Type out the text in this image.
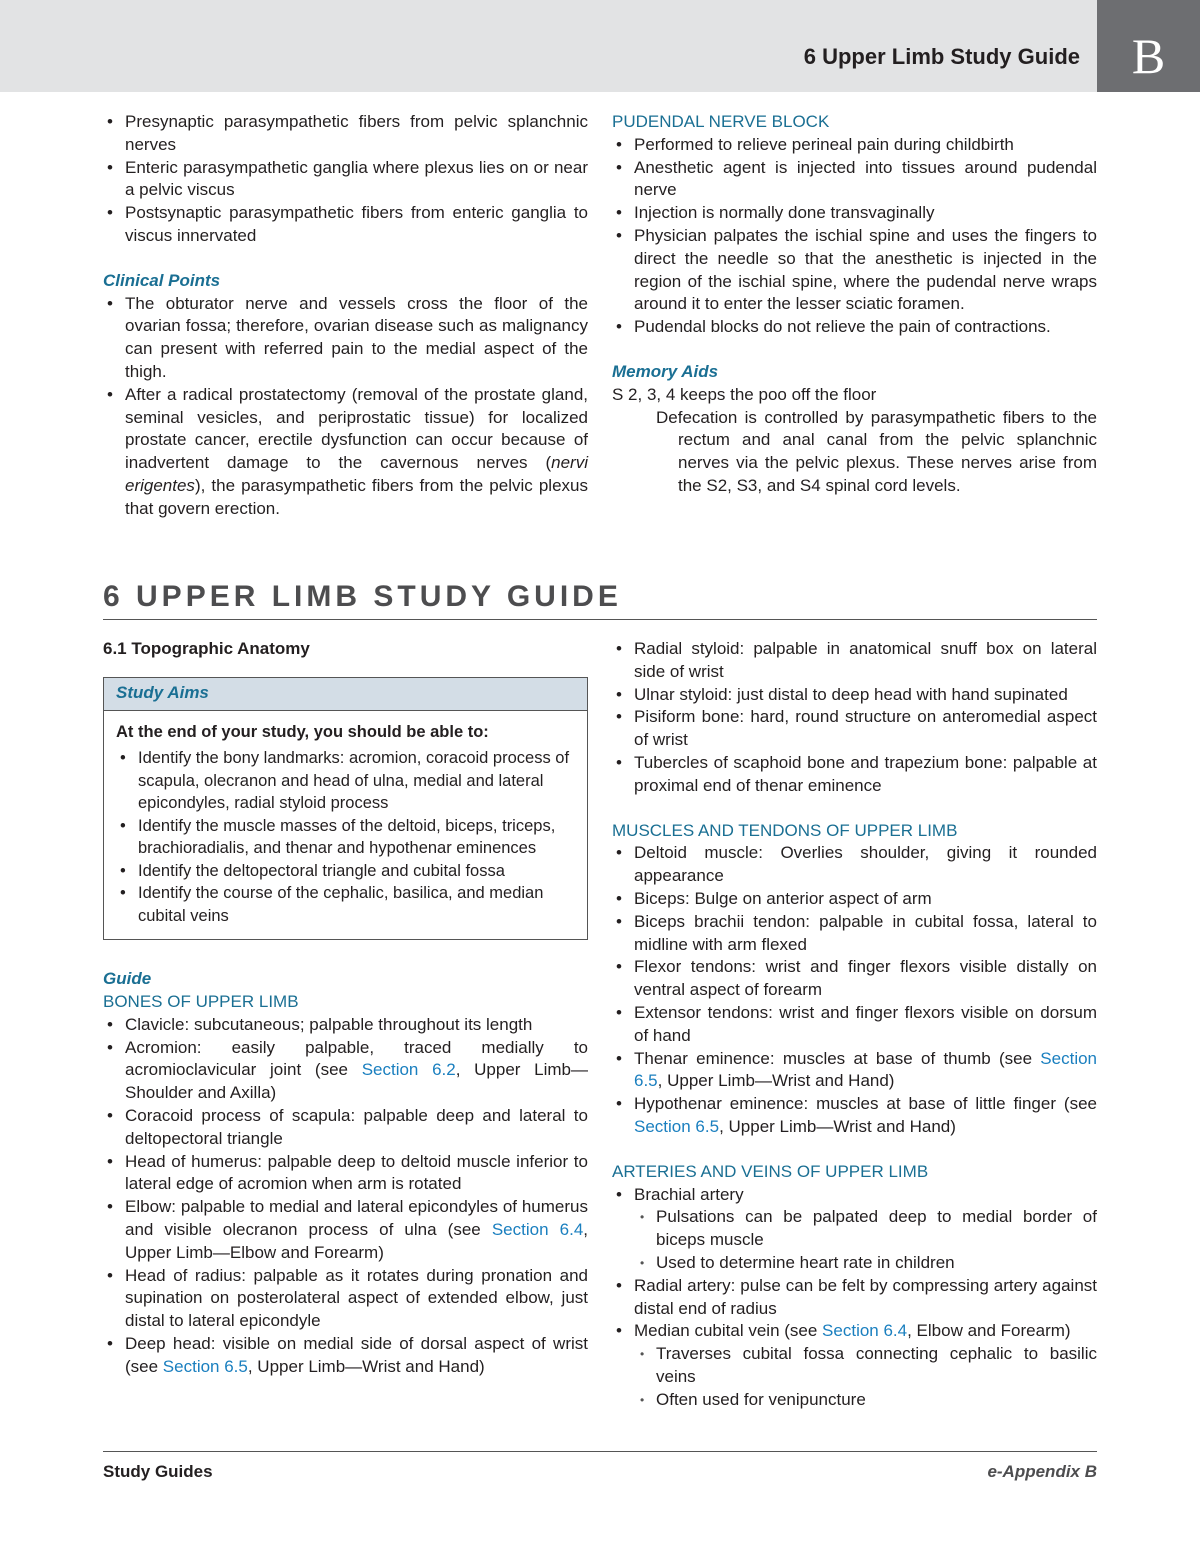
6 Upper Limb Study Guide	B
• Presynaptic parasympathetic fibers from pelvic splanchnic nerves
• Enteric parasympathetic ganglia where plexus lies on or near a pelvic viscus
• Postsynaptic parasympathetic fibers from enteric ganglia to viscus innervated
Clinical Points
• The obturator nerve and vessels cross the floor of the ovarian fossa; therefore, ovarian disease such as malignancy can present with referred pain to the medial aspect of the thigh.
• After a radical prostatectomy (removal of the prostate gland, seminal vesicles, and periprostatic tissue) for localized prostate cancer, erectile dysfunction can occur because of inadvertent damage to the cavernous nerves (nervi erigentes), the parasympathetic fibers from the pelvic plexus that govern erection.
PUDENDAL NERVE BLOCK
• Performed to relieve perineal pain during childbirth
• Anesthetic agent is injected into tissues around pudendal nerve
• Injection is normally done transvaginally
• Physician palpates the ischial spine and uses the fingers to direct the needle so that the anesthetic is injected in the region of the ischial spine, where the pudendal nerve wraps around it to enter the lesser sciatic foramen.
• Pudendal blocks do not relieve the pain of contractions.
Memory Aids
S 2, 3, 4 keeps the poo off the floor
Defecation is controlled by parasympathetic fibers to the rectum and anal canal from the pelvic splanchnic nerves via the pelvic plexus. These nerves arise from the S2, S3, and S4 spinal cord levels.
6 UPPER LIMB STUDY GUIDE
6.1 Topographic Anatomy
Study Aims
At the end of your study, you should be able to:
• Identify the bony landmarks: acromion, coracoid process of scapula, olecranon and head of ulna, medial and lateral epicondyles, radial styloid process
• Identify the muscle masses of the deltoid, biceps, triceps, brachioradialis, and thenar and hypothenar eminences
• Identify the deltopectoral triangle and cubital fossa
• Identify the course of the cephalic, basilica, and median cubital veins
Guide
BONES OF UPPER LIMB
• Clavicle: subcutaneous; palpable throughout its length
• Acromion: easily palpable, traced medially to acromioclavicular joint (see Section 6.2, Upper Limb—Shoulder and Axilla)
• Coracoid process of scapula: palpable deep and lateral to deltopectoral triangle
• Head of humerus: palpable deep to deltoid muscle inferior to lateral edge of acromion when arm is rotated
• Elbow: palpable to medial and lateral epicondyles of humerus and visible olecranon process of ulna (see Section 6.4, Upper Limb—Elbow and Forearm)
• Head of radius: palpable as it rotates during pronation and supination on posterolateral aspect of extended elbow, just distal to lateral epicondyle
• Deep head: visible on medial side of dorsal aspect of wrist (see Section 6.5, Upper Limb—Wrist and Hand)
• Radial styloid: palpable in anatomical snuff box on lateral side of wrist
• Ulnar styloid: just distal to deep head with hand supinated
• Pisiform bone: hard, round structure on anteromedial aspect of wrist
• Tubercles of scaphoid bone and trapezium bone: palpable at proximal end of thenar eminence
MUSCLES AND TENDONS OF UPPER LIMB
• Deltoid muscle: Overlies shoulder, giving it rounded appearance
• Biceps: Bulge on anterior aspect of arm
• Biceps brachii tendon: palpable in cubital fossa, lateral to midline with arm flexed
• Flexor tendons: wrist and finger flexors visible distally on ventral aspect of forearm
• Extensor tendons: wrist and finger flexors visible on dorsum of hand
• Thenar eminence: muscles at base of thumb (see Section 6.5, Upper Limb—Wrist and Hand)
• Hypothenar eminence: muscles at base of little finger (see Section 6.5, Upper Limb—Wrist and Hand)
ARTERIES AND VEINS OF UPPER LIMB
• Brachial artery
• Pulsations can be palpated deep to medial border of biceps muscle
• Used to determine heart rate in children
• Radial artery: pulse can be felt by compressing artery against distal end of radius
• Median cubital vein (see Section 6.4, Elbow and Forearm)
• Traverses cubital fossa connecting cephalic to basilic veins
• Often used for venipuncture
Study Guides	e-Appendix B
